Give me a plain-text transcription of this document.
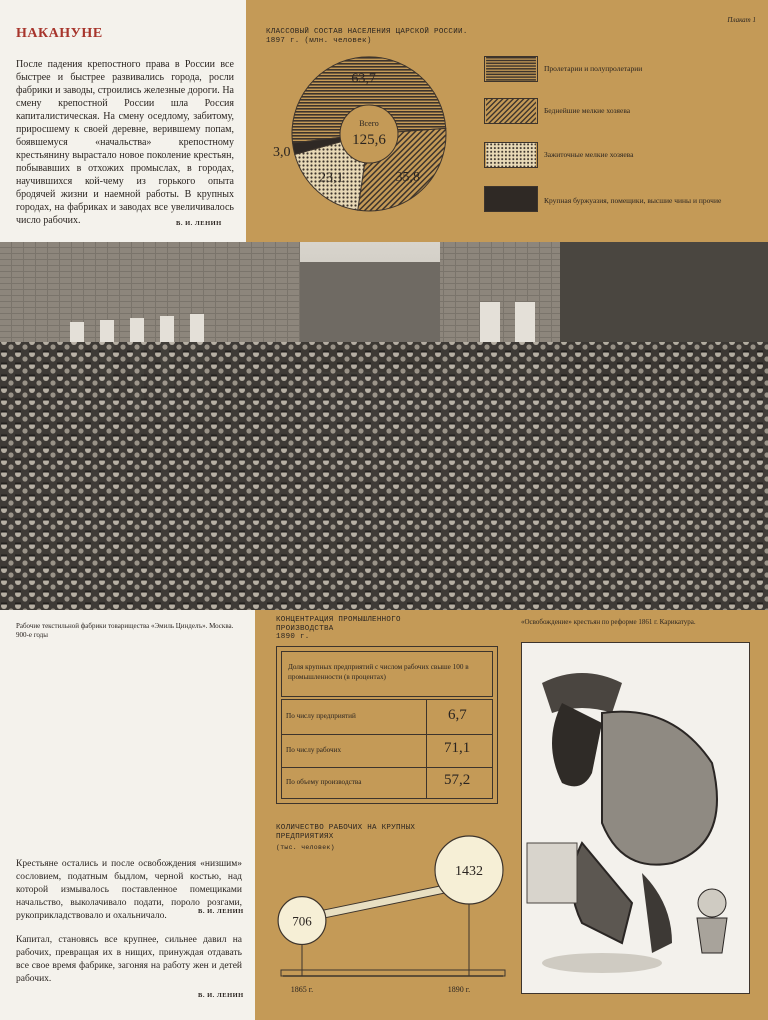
НАКАНУНЕ
После падения крепостного права в России все быстрее и быстрее развивались города, росли фабрики и заводы, строились железные дороги. На смену крепостной России шла Россия капиталистическая. На смену оседлому, забитому, приросшему к своей деревне, верившему попам, боявшемуся «начальства» крепостному крестьянину вырастало новое поколение крестьян, побывавших в отхожих промыслах, в городах, научившихся кой-чему из горького опыта бродячей жизни и наемной работы. В крупных городах, на фабриках и заводах все увеличивалось число рабочих.	В. И. ЛЕНИН
Плакат 1
КЛАССОВЫЙ СОСТАВ НАСЕЛЕНИЯ ЦАРСКОЙ РОССИИ. 1897 г. (млн. человек)
Всего
125,6
63,7
35,8
23,1
3,0
Пролетарии и полупролетарии
Беднейшие мелкие хозяева
Зажиточные мелкие хозяева
Крупная буржуазия, помещики, высшие чины и прочие
Рабочие текстильной фабрики товарищества «Эмиль Цинделъ». Москва. 900-е годы
Крестьяне остались и после освобождения «низшим» сословием, податным быдлом, черной костью, над которой измывалось поставленное помещиками начальство, выколачивало подати, пороло розгами, рукоприкладствовало и охальничало.	В. И. ЛЕНИН
Капитал, становясь все крупнее, сильнее давил на рабочих, превращая их в нищих, принуждая отдавать все свое время фабрике, загоняя на работу жен и детей рабочих.
В. И. ЛЕНИН
КОНЦЕНТРАЦИЯ ПРОМЫШЛЕННОГО ПРОИЗВОДСТВА
1890 г.
Доля крупных предприятий с числом рабочих свыше 100 в промышленности (в процентах)
По числу предприятий	6,7
По числу рабочих	71,1
По объему производства	57,2
КОЛИЧЕСТВО РАБОЧИХ НА КРУПНЫХ ПРЕДПРИЯТИЯХ
(тыс. человек)
706
1865 г.
1432
1890 г.
«Освобождение» крестьян по реформе 1861 г. Карикатура.
